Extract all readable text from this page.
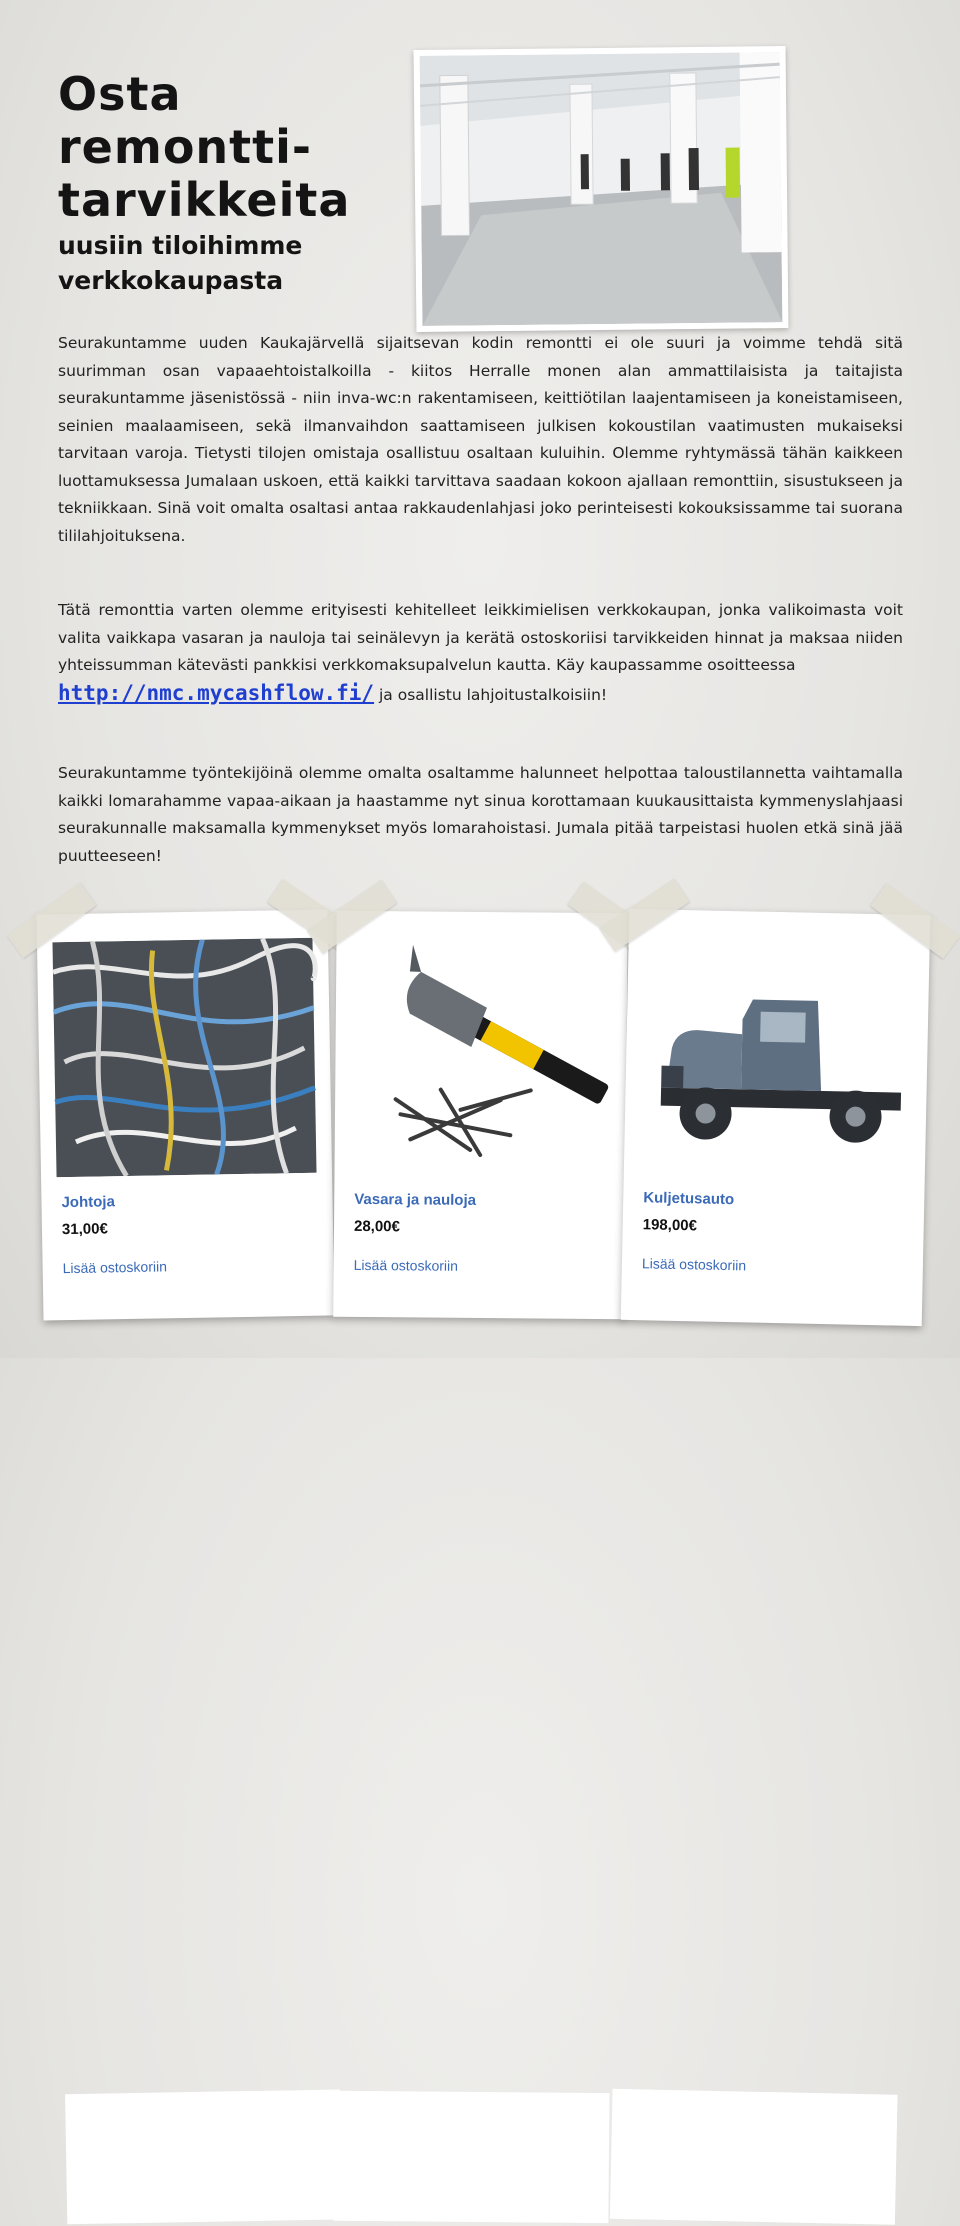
Osta
remontti-
tarvikkeita
uusiin tiloihimme
verkkokaupasta

Seurakuntamme uuden Kaukajärvellä sijaitsevan kodin remontti ei ole suuri ja voimme tehdä sitä suurimman osan vapaaehtoistalkoilla - kiitos Herralle monen alan ammattilaisista ja taitajista seurakuntamme jäsenistössä - niin inva-wc:n rakentamiseen, keittiötilan laajentamiseen ja koneistamiseen, seinien maalaamiseen, sekä ilmanvaihdon saattamiseen julkisen kokoustilan vaatimusten mukaiseksi tarvitaan varoja. Tietysti tilojen omistaja osallistuu osaltaan kuluihin. Olemme ryhtymässä tähän kaikkeen luottamuksessa Jumalaan uskoen, että kaikki tarvittava saadaan kokoon ajallaan remonttiin, sisustukseen ja tekniikkaan. Sinä voit omalta osaltasi antaa rakkaudenlahjasi joko perinteisesti kokouksissamme tai suorana tililahjoituksena.

Tätä remonttia varten olemme erityisesti kehitelleet leikkimielisen verkkokaupan, jonka valikoimasta voit valita vaikkapa vasaran ja nauloja tai seinälevyn ja kerätä ostoskoriisi tarvikkeiden hinnat ja maksaa niiden yhteissumman kätevästi pankkisi verkkomaksupalvelun kautta. Käy kaupassamme osoitteessa
http://nmc.mycashflow.fi/ ja osallistu lahjoitustalkoisiin!

Seurakuntamme työntekijöinä olemme omalta osaltamme halunneet helpottaa taloustilannetta vaihtamalla kaikki lomarahamme vapaa-aikaan ja haastamme nyt sinua korottamaan kuukausittaista kymmenyslahjaasi seurakunnalle maksamalla kymmenykset myös lomarahoistasi. Jumala pitää tarpeistasi huolen etkä sinä jää puutteeseen!

Johtoja
31,00€
Lisää ostoskoriin
Vasara ja nauloja
28,00€
Lisää ostoskoriin
Kuljetusauto
198,00€
Lisää ostoskoriin
